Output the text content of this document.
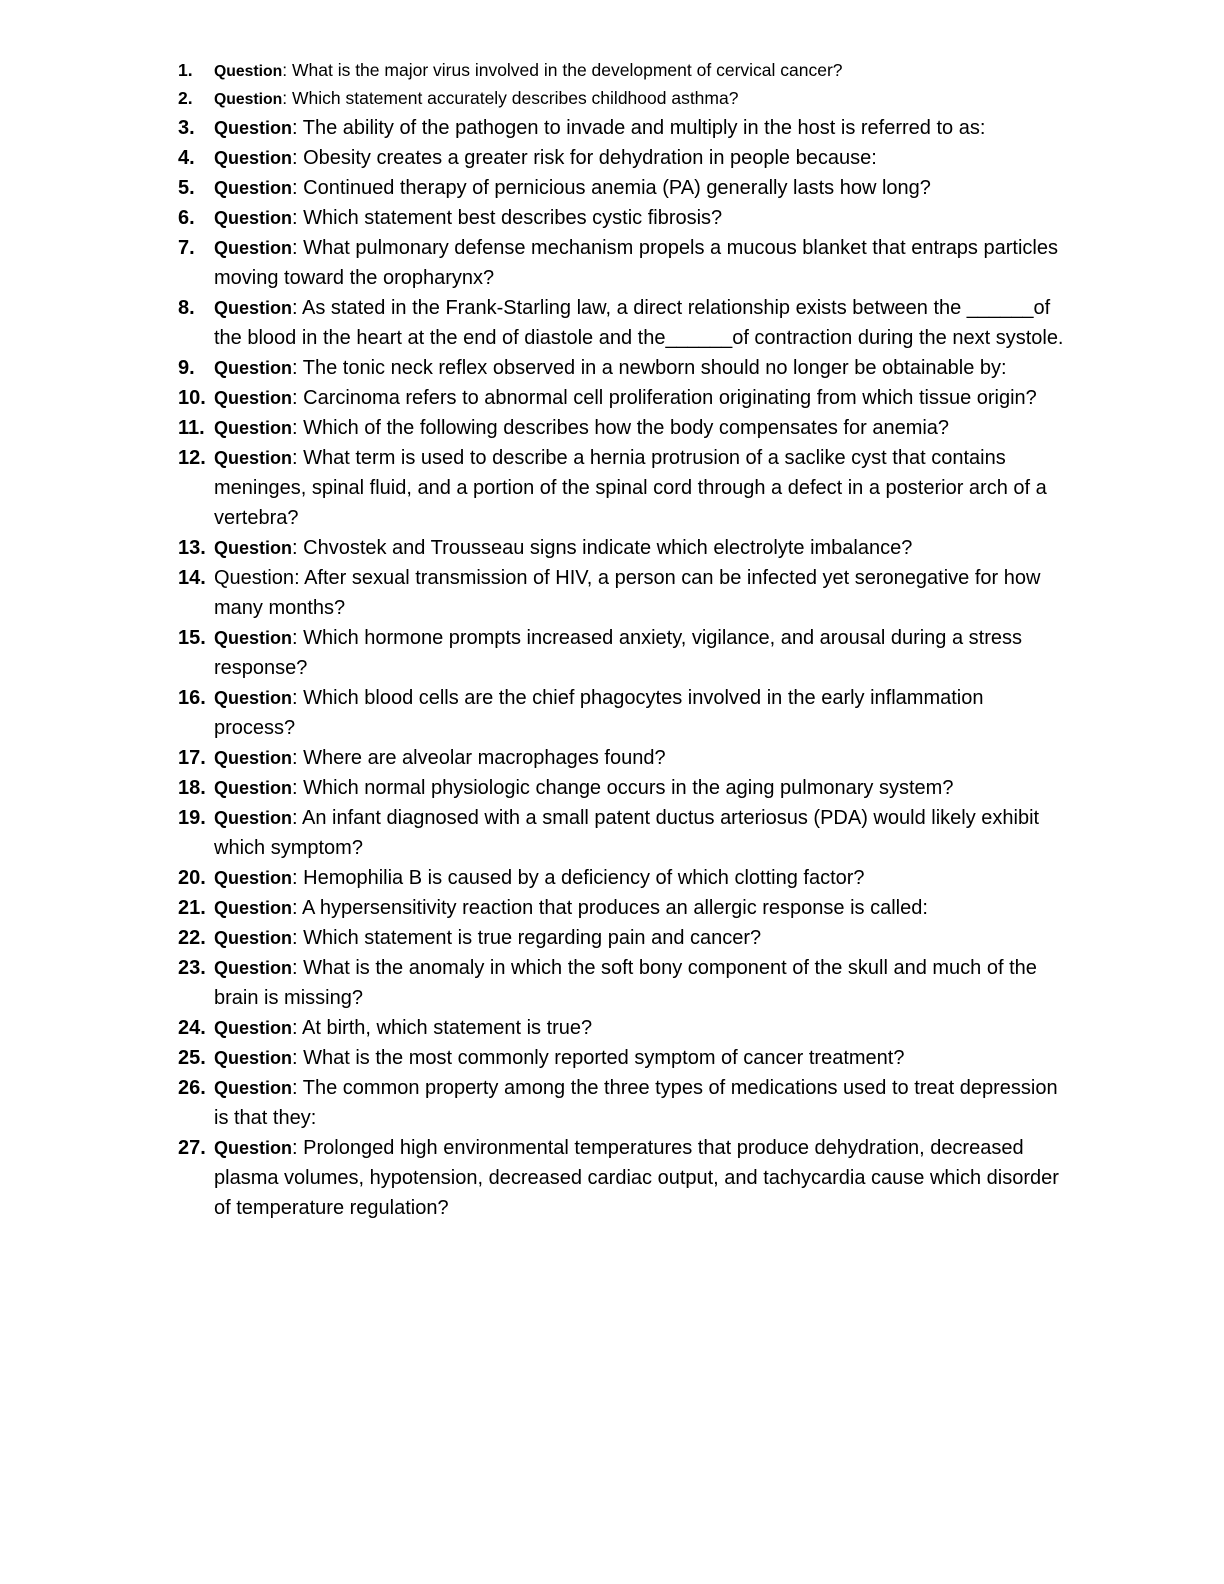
1. Question: What is the major virus involved in the development of cervical cancer?
2. Question: Which statement accurately describes childhood asthma?
3. Question: The ability of the pathogen to invade and multiply in the host is referred to as:
4. Question: Obesity creates a greater risk for dehydration in people because:
5. Question: Continued therapy of pernicious anemia (PA) generally lasts how long?
6. Question: Which statement best describes cystic fibrosis?
7. Question: What pulmonary defense mechanism propels a mucous blanket that entraps particles moving toward the oropharynx?
8. Question: As stated in the Frank-Starling law, a direct relationship exists between the ______of the blood in the heart at the end of diastole and the______of contraction during the next systole.
9. Question: The tonic neck reflex observed in a newborn should no longer be obtainable by:
10. Question: Carcinoma refers to abnormal cell proliferation originating from which tissue origin?
11. Question: Which of the following describes how the body compensates for anemia?
12. Question: What term is used to describe a hernia protrusion of a saclike cyst that contains meninges, spinal fluid, and a portion of the spinal cord through a defect in a posterior arch of a vertebra?
13. Question: Chvostek and Trousseau signs indicate which electrolyte imbalance?
14. Question: After sexual transmission of HIV, a person can be infected yet seronegative for how many months?
15. Question: Which hormone prompts increased anxiety, vigilance, and arousal during a stress response?
16. Question: Which blood cells are the chief phagocytes involved in the early inflammation process?
17. Question: Where are alveolar macrophages found?
18. Question: Which normal physiologic change occurs in the aging pulmonary system?
19. Question: An infant diagnosed with a small patent ductus arteriosus (PDA) would likely exhibit which symptom?
20. Question: Hemophilia B is caused by a deficiency of which clotting factor?
21. Question: A hypersensitivity reaction that produces an allergic response is called:
22. Question: Which statement is true regarding pain and cancer?
23. Question: What is the anomaly in which the soft bony component of the skull and much of the brain is missing?
24. Question: At birth, which statement is true?
25. Question: What is the most commonly reported symptom of cancer treatment?
26. Question: The common property among the three types of medications used to treat depression is that they:
27. Question: Prolonged high environmental temperatures that produce dehydration, decreased plasma volumes, hypotension, decreased cardiac output, and tachycardia cause which disorder of temperature regulation?
